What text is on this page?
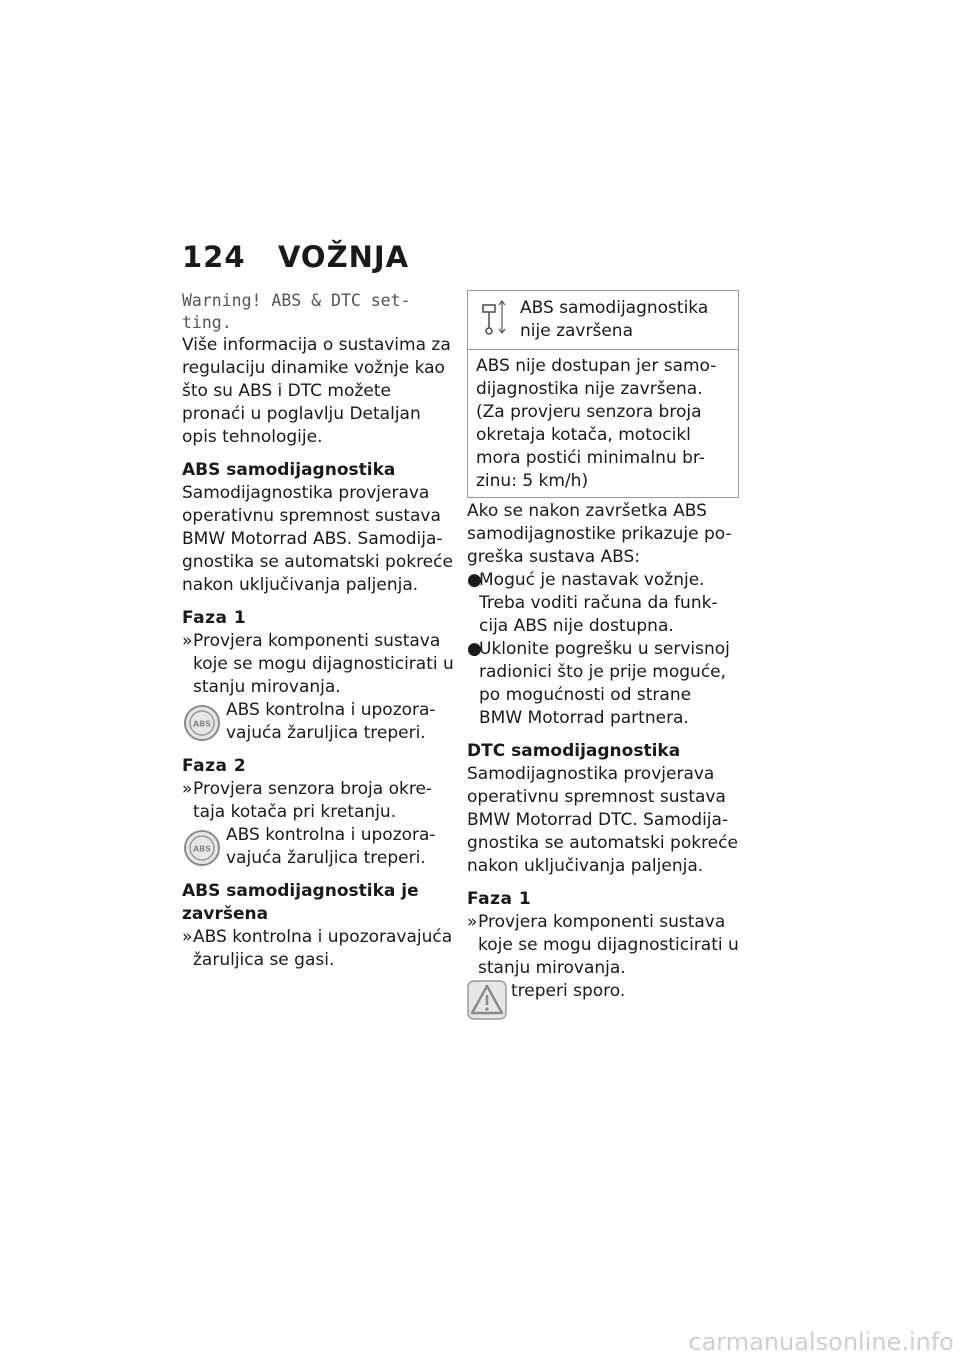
124 VOŽNJA

Warning! ABS & DTC set-ting.

Više informacija o sustavima za regulaciju dinamike vožnje kao što su ABS i DTC možete pronaći u poglavlju Detaljan opis tehnologije.

ABS samodijagnostika

Samodijagnostika provjerava operativnu spremnost sustava BMW Motorrad ABS. Samodija-gnostika se automatski pokreće nakon uključivanja paljenja.

Faza 1

» Provjera komponenti sustava koje se mogu dijagnosticirati u stanju mirovanja.
ABS
ABS kontrolna i upozora-vajuća žaruljica treperi.

Faza 2

» Provjera senzora broja okre-taja kotača pri kretanju.
ABS
ABS kontrolna i upozora-vajuća žaruljica treperi.

ABS samodijagnostika je završena

» ABS kontrolna i upozoravajuća žaruljica se gasi.
ABS samodijagnostika nije završena
ABS nije dostupan jer samo-dijagnostika nije završena. (Za provjeru senzora broja okretaja kotača, motocikl mora postići minimalnu br-zinu: 5 km/h)

Ako se nakon završetka ABS samodijagnostike prikazuje po-greška sustava ABS:

●
Moguć je nastavak vožnje. Treba voditi računa da funk-cija ABS nije dostupna.
●
Uklonite pogrešku u servisnoj radionici što je prije moguće, po mogućnosti od strane BMW Motorrad partnera.

DTC samodijagnostika

Samodijagnostika provjerava operativnu spremnost sustava BMW Motorrad DTC. Samodija-gnostika se automatski pokreće nakon uključivanja paljenja.

Faza 1

» Provjera komponenti sustava koje se mogu dijagnosticirati u stanju mirovanja.
treperi sporo.
carmanualsonline.info
